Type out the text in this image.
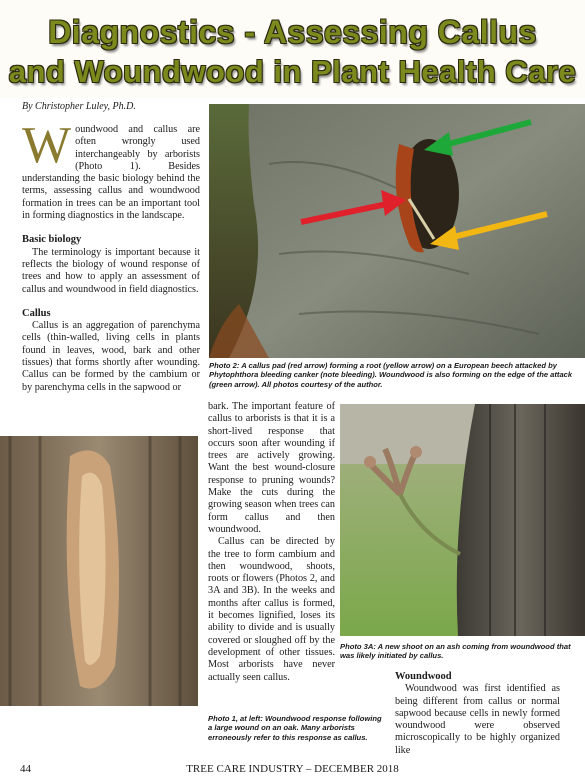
Diagnostics - Assessing Callus
and Woundwood in Plant Health Care
By Christopher Luley, Ph.D.

Woundwood and callus are often wrongly used interchangeably by arborists (Photo 1). Besides understanding the basic biology behind the terms, assessing callus and woundwood formation in trees can be an important tool in forming diagnostics in the landscape.

Basic biology

The terminology is important because it reflects the biology of wound response of trees and how to apply an assessment of callus and woundwood in field diagnostics.

Callus

Callus is an aggregation of parenchyma cells (thin-walled, living cells in plants found in leaves, wood, bark and other tissues) that forms shortly after wounding. Callus can be formed by the cambium or by parenchyma cells in the sapwood or

Photo 2: A callus pad (red arrow) forming a root (yellow arrow) on a European beech attacked by Phytophthora bleeding canker (note bleeding). Woundwood is also forming on the edge of the attack (green arrow). All photos courtesy of the author.
Photo 1, at left: Woundwood response following a large wound on an oak. Many arborists erroneously refer to this response as callus.

bark. The important feature of callus to arborists is that it is a short-lived response that occurs soon after wounding if trees are actively growing. Want the best wound-closure response to pruning wounds? Make the cuts during the growing season when trees can form callus and then woundwood.

Callus can be directed by the tree to form cambium and then woundwood, shoots, roots or flowers (Photos 2, and 3A and 3B). In the weeks and months after callus is formed, it becomes lignified, loses its ability to divide and is usually covered or sloughed off by the development of other tissues. Most arborists have never actually seen callus.

Photo 3A: A new shoot on an ash coming from woundwood that was likely initiated by callus.
Woundwood

Woundwood was first identified as being different from callus or normal sapwood because cells in newly formed woundwood were observed microscopically to be highly organized like

44	TREE CARE INDUSTRY – DECEMBER 2018
